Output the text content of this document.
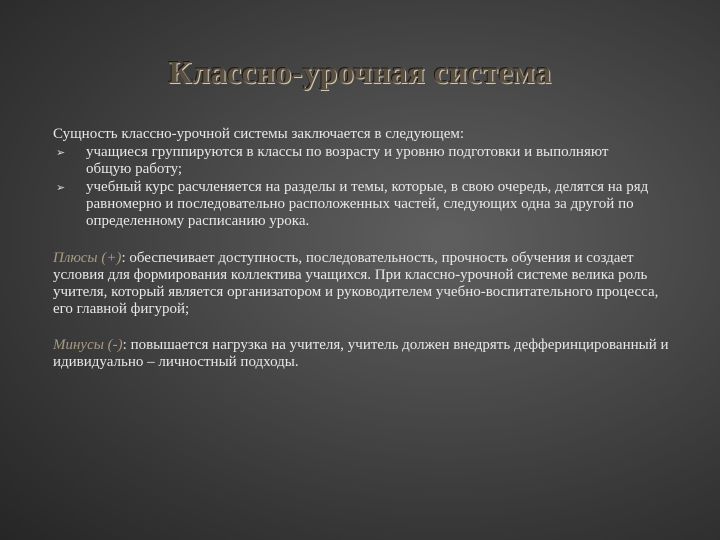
Классно-урочная система
Сущность классно-урочной системы заключается в следующем:
➢ учащиеся группируются в классы по возрасту и уровню подготовки и выполняют общую работу;
➢ учебный курс расчленяется на разделы и темы, которые, в свою очередь, делятся на ряд равномерно и последовательно расположенных частей, следующих одна за другой по определенному расписанию урока.

Плюсы (+): обеспечивает доступность, последовательность, прочность обучения и создает условия для формирования коллектива учащихся. При классно-урочной системе велика роль учителя, который является организатором и руководителем учебно-воспитательного процесса, его главной фигурой;

Минусы (-): повышается нагрузка на учителя, учитель должен внедрять дефферинцированный и идивидуально – личностный подходы.
